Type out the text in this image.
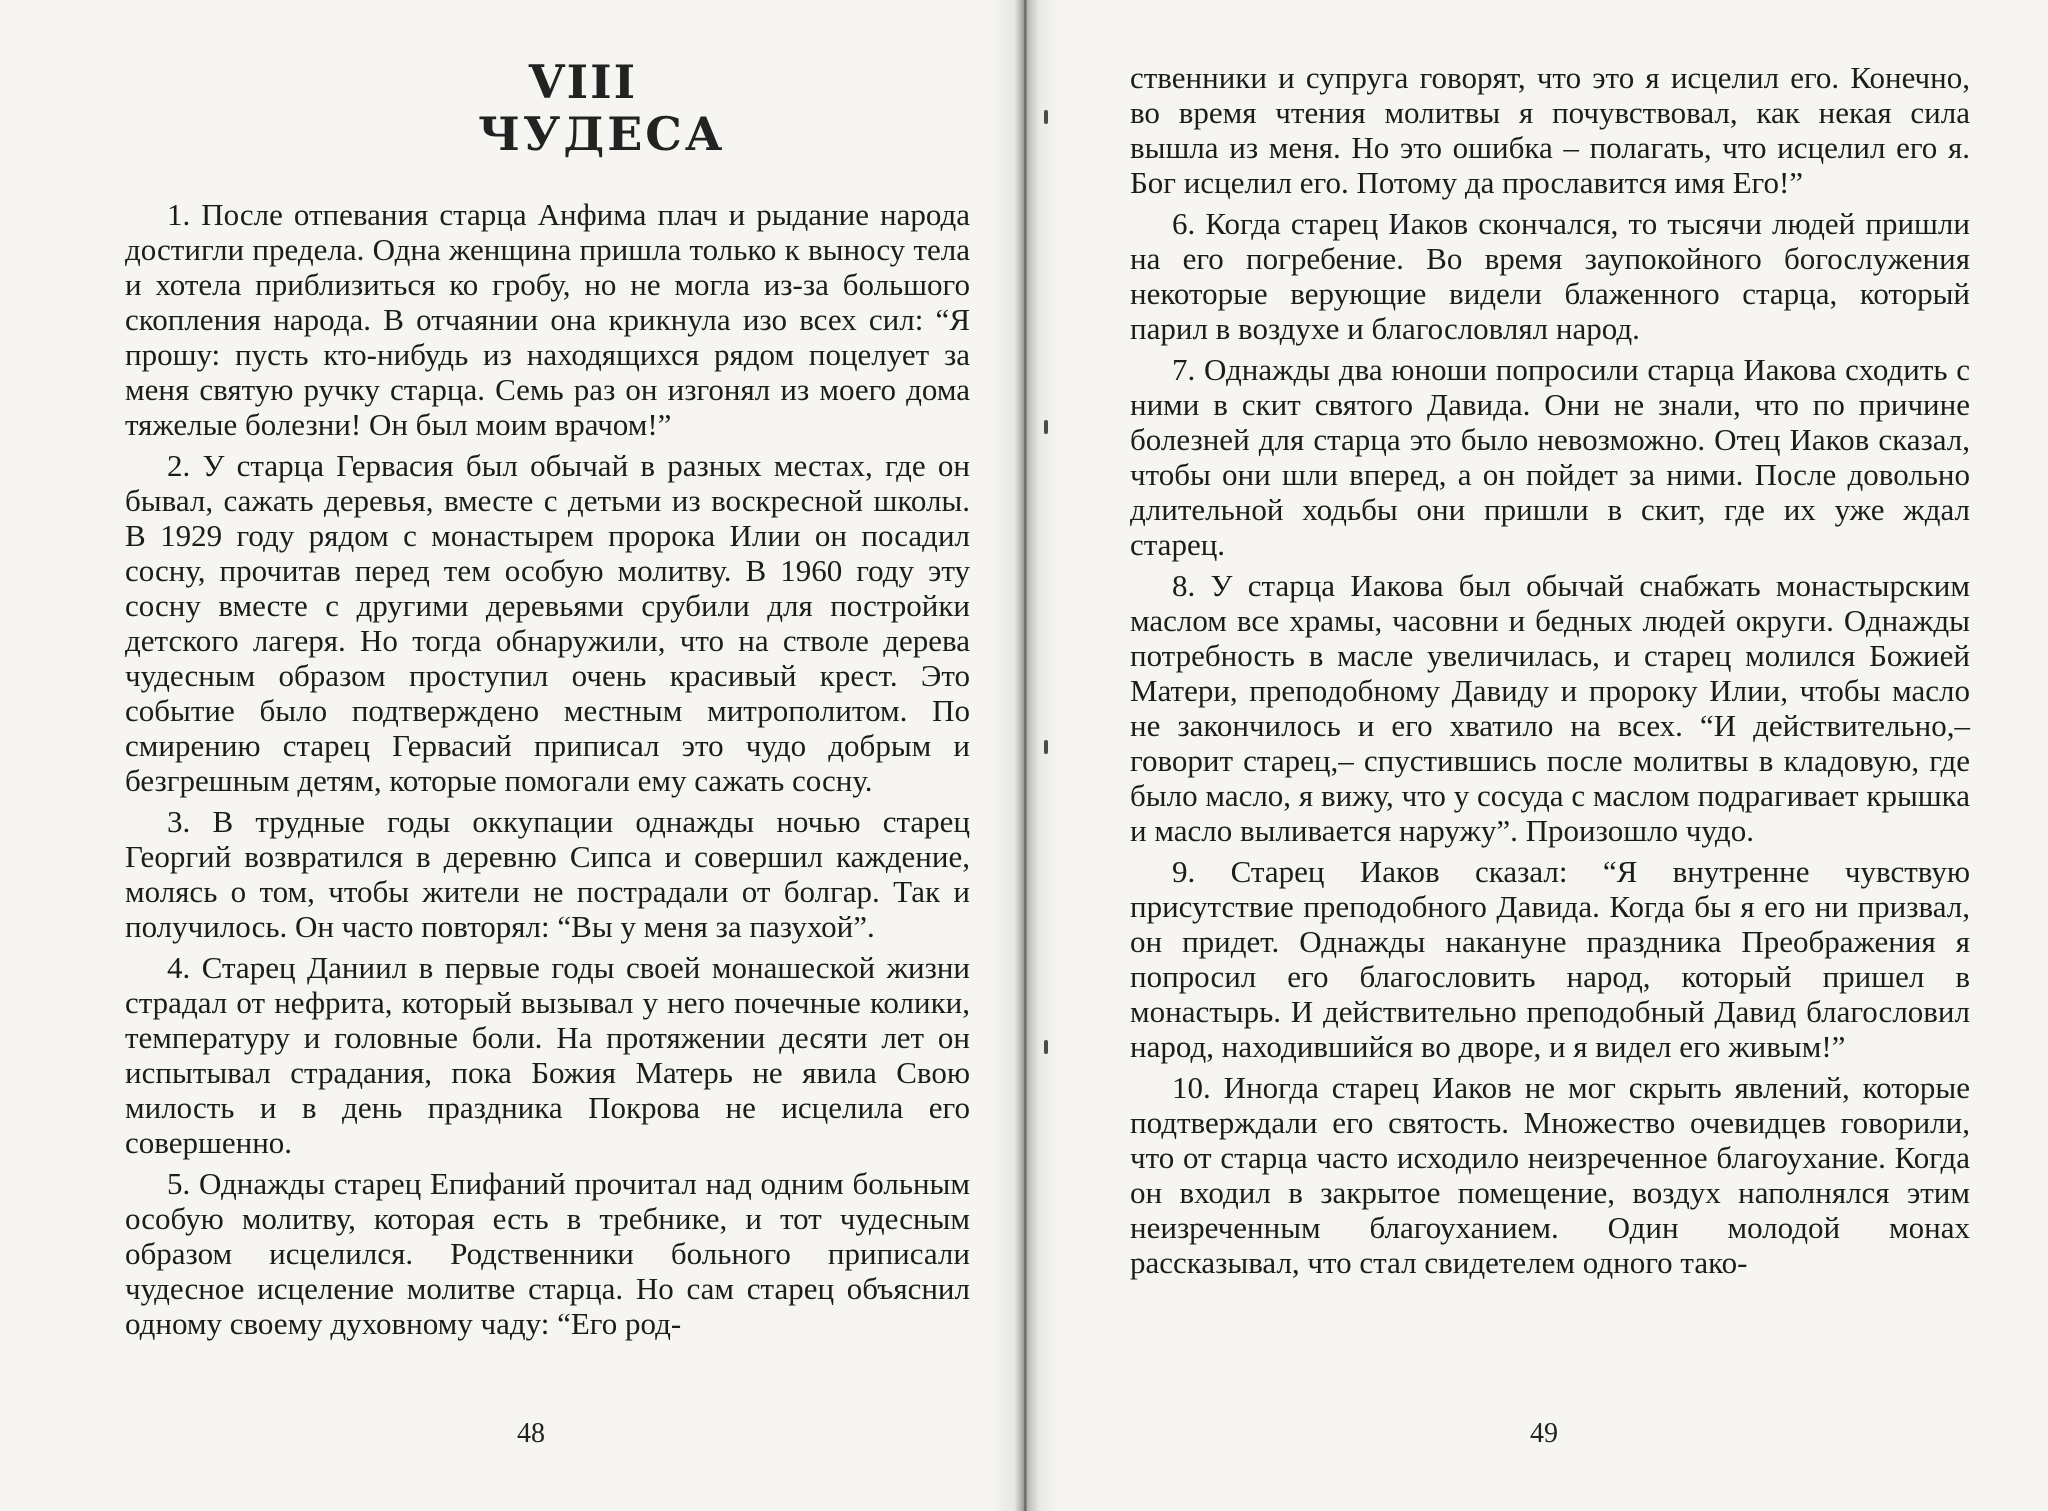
VIII
ЧУДЕСА

1. После отпевания старца Анфима плач и рыдание народа достигли предела. Одна женщина пришла только к выносу тела и хотела приблизиться ко гробу, но не могла из-за большого скопления народа. В отчаянии она крикнула изо всех сил: “Я прошу: пусть кто-нибудь из находящихся рядом поцелует за меня святую ручку старца. Семь раз он изгонял из моего дома тяжелые болезни! Он был моим врачом!”

2. У старца Гервасия был обычай в разных местах, где он бывал, сажать деревья, вместе с детьми из воскресной школы. В 1929 году рядом с монастырем пророка Илии он посадил сосну, прочитав перед тем особую молитву. В 1960 году эту сосну вместе с другими деревьями срубили для постройки детского лагеря. Но тогда обнаружили, что на стволе дерева чудесным образом проступил очень красивый крест. Это событие было подтверждено местным митрополитом. По смирению старец Гервасий приписал это чудо добрым и безгрешным детям, которые помогали ему сажать сосну.

3. В трудные годы оккупации однажды ночью старец Георгий возвратился в деревню Сипса и совершил каждение, молясь о том, чтобы жители не пострадали от болгар. Так и получилось. Он часто повторял: “Вы у меня за пазухой”.

4. Старец Даниил в первые годы своей монашеской жизни страдал от нефрита, который вызывал у него почечные колики, температуру и головные боли. На протяжении десяти лет он испытывал страдания, пока Божия Матерь не явила Свою милость и в день праздника Покрова не исцелила его совершенно.

5. Однажды старец Епифаний прочитал над одним больным особую молитву, которая есть в требнике, и тот чудесным образом исцелился. Родственники больного приписали чудесное исцеление молитве старца. Но сам старец объяснил одному своему духовному чаду: “Его род-

48

ственники и супруга говорят, что это я исцелил его. Конечно, во время чтения молитвы я почувствовал, как некая сила вышла из меня. Но это ошибка – полагать, что исцелил его я. Бог исцелил его. Потому да прославится имя Его!”

6. Когда старец Иаков скончался, то тысячи людей пришли на его погребение. Во время заупокойного богослужения некоторые верующие видели блаженного старца, который парил в воздухе и благословлял народ.

7. Однажды два юноши попросили старца Иакова сходить с ними в скит святого Давида. Они не знали, что по причине болезней для старца это было невозможно. Отец Иаков сказал, чтобы они шли вперед, а он пойдет за ними. После довольно длительной ходьбы они пришли в скит, где их уже ждал старец.

8. У старца Иакова был обычай снабжать монастырским маслом все храмы, часовни и бедных людей округи. Однажды потребность в масле увеличилась, и старец молился Божией Матери, преподобному Давиду и пророку Илии, чтобы масло не закончилось и его хватило на всех. “И действительно,– говорит старец,– спустившись после молитвы в кладовую, где было масло, я вижу, что у сосуда с маслом подрагивает крышка и масло выливается наружу”. Произошло чудо.

9. Старец Иаков сказал: “Я внутренне чувствую присутствие преподобного Давида. Когда бы я его ни призвал, он придет. Однажды накануне праздника Преображения я попросил его благословить народ, который пришел в монастырь. И действительно преподобный Давид благословил народ, находившийся во дворе, и я видел его живым!”

10. Иногда старец Иаков не мог скрыть явлений, которые подтверждали его святость. Множество очевидцев говорили, что от старца часто исходило неизреченное благоухание. Когда он входил в закрытое помещение, воздух наполнялся этим неизреченным благоуханием. Один молодой монах рассказывал, что стал свидетелем одного тако-

49
